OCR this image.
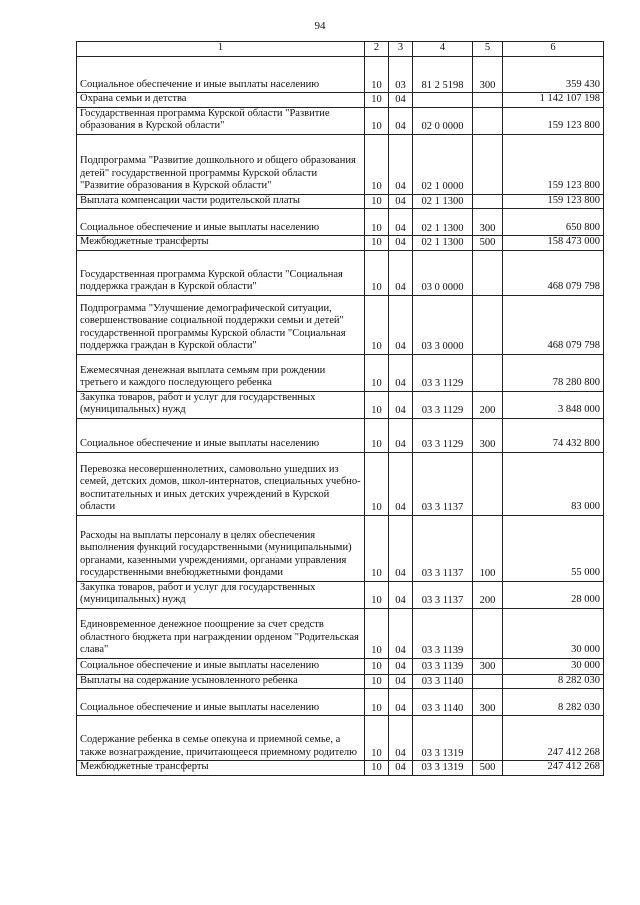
94
1	2	3	4	5	6
Социальное обеспечение и иные выплаты населению	10	03	81 2 5198	300	359 430
Охрана семьи и детства	10	04			1 142 107 198
Государственная программа Курской области "Развитие образования в Курской области"	10	04	02 0 0000		159 123 800
Подпрограмма "Развитие дошкольного и общего образования детей" государственной программы Курской области "Развитие образования в Курской области"	10	04	02 1 0000		159 123 800
Выплата компенсации части родительской платы	10	04	02 1 1300		159 123 800
Социальное обеспечение и иные выплаты населению	10	04	02 1 1300	300	650 800
Межбюджетные трансферты	10	04	02 1 1300	500	158 473 000
Государственная программа Курской области "Социальная поддержка граждан в Курской области"	10	04	03 0 0000		468 079 798
Подпрограмма "Улучшение демографической ситуации, совершенствование социальной поддержки семьи и детей" государственной программы Курской области "Социальная поддержка граждан в Курской области"	10	04	03 3 0000		468 079 798
Ежемесячная денежная выплата семьям при рождении третьего и каждого последующего ребенка	10	04	03 3 1129		78 280 800
Закупка товаров, работ и услуг для государственных (муниципальных) нужд	10	04	03 3 1129	200	3 848 000
Социальное обеспечение и иные выплаты населению	10	04	03 3 1129	300	74 432 800
Перевозка несовершеннолетних, самовольно ушедших из семей, детских домов, школ-интернатов, специальных учебно-воспитательных и иных детских учреждений в Курской области	10	04	03 3 1137		83 000
Расходы на выплаты персоналу в целях обеспечения выполнения функций государственными (муниципальными) органами, казенными учреждениями, органами управления государственными внебюджетными фондами	10	04	03 3 1137	100	55 000
Закупка товаров, работ и услуг для государственных (муниципальных) нужд	10	04	03 3 1137	200	28 000
Единовременное денежное поощрение за счет средств областного бюджета при награждении орденом "Родительская слава"	10	04	03 3 1139		30 000
Социальное обеспечение и иные выплаты населению	10	04	03 3 1139	300	30 000
Выплаты на содержание усыновленного ребенка	10	04	03 3 1140		8 282 030
Социальное обеспечение и иные выплаты населению	10	04	03 3 1140	300	8 282 030
Содержание ребенка в семье опекуна и приемной семье, а также вознаграждение, причитающееся приемному родителю	10	04	03 3 1319		247 412 268
Межбюджетные трансферты	10	04	03 3 1319	500	247 412 268
